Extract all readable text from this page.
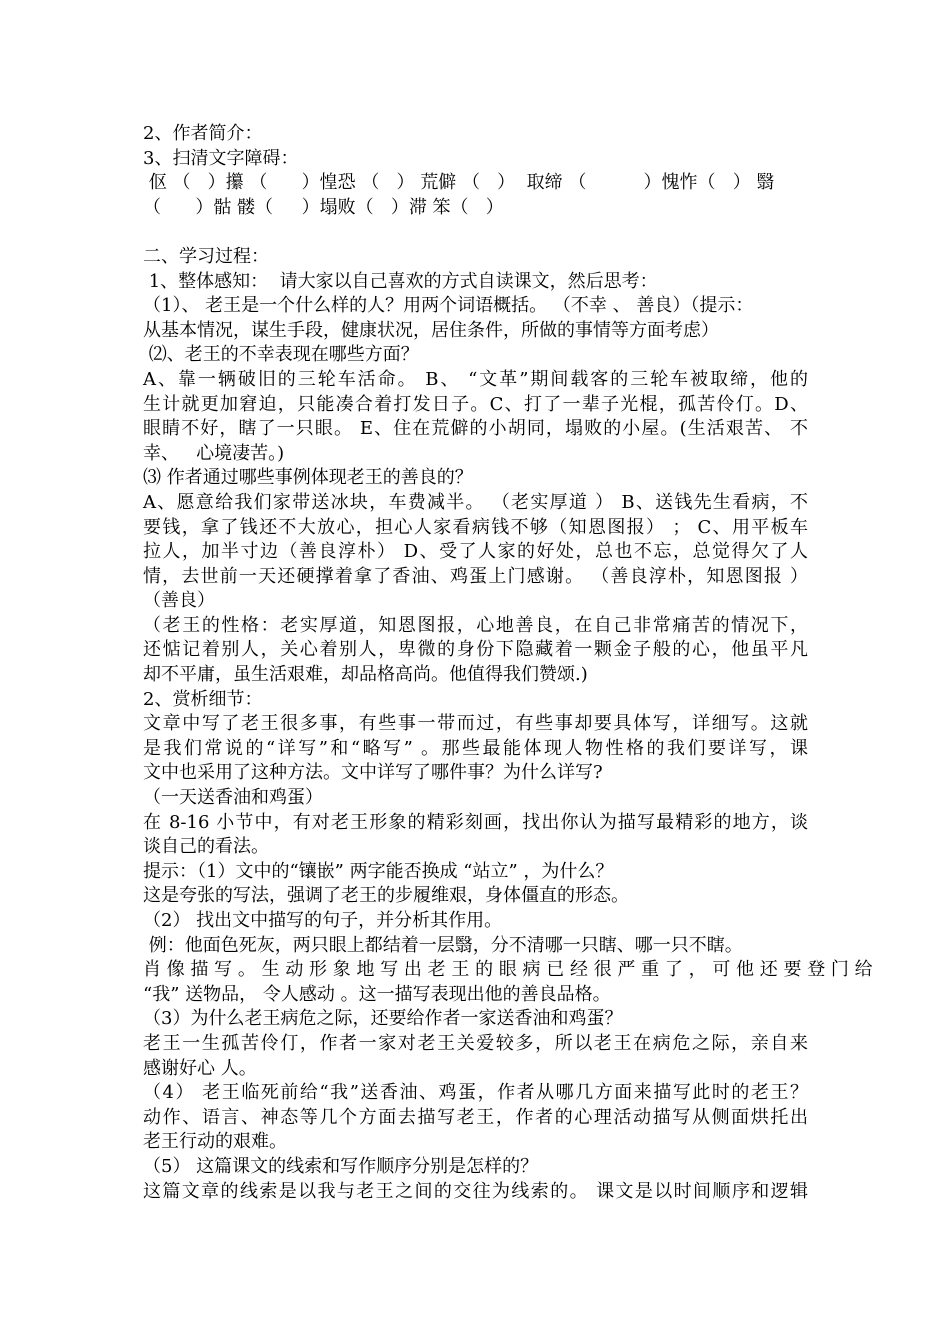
2、作者简介：
3、扫清文字障碍：
伛 （   ）攥 （      ）惶恐 （   ） 荒僻 （   ）  取缔 （          ）愧怍（   ） 翳
（      ）骷 髅（     ）塌败（   ）滞 笨（   ）
二、学习过程：
1、整体感知：  请大家以自己喜欢的方式自读课文，然后思考：
（1）、 老王是一个什么样的人？用两个词语概括。 （不幸 、 善良）（提示：
从基本情况，谋生手段，健康状况，居住条件，所做的事情等方面考虑）
⑵、老王的不幸表现在哪些方面？
A、靠一辆破旧的三轮车活命。 B、 “文革”期间载客的三轮车被取缔，他的
生计就更加窘迫，只能凑合着打发日子。C、打了一辈子光棍，孤苦伶仃。D、
眼睛不好，瞎了一只眼。 E、住在荒僻的小胡同，塌败的小屋。(生活艰苦、 不
幸、   心境凄苦。)
⑶ 作者通过哪些事例体现老王的善良的？
A、愿意给我们家带送冰块，车费减半。 （老实厚道 ） B、送钱先生看病，不
要钱，拿了钱还不大放心，担心人家看病钱不够（知恩图报） ； C、用平板车
拉人，加半寸边（善良淳朴） D、受了人家的好处，总也不忘，总觉得欠了人
情，去世前一天还硬撑着拿了香油、鸡蛋上门感谢。 （善良淳朴，知恩图报 ）
（善良）
（老王的性格：老实厚道，知恩图报，心地善良，在自己非常痛苦的情况下，
还惦记着别人，关心着别人，卑微的身份下隐藏着一颗金子般的心，他虽平凡
却不平庸，虽生活艰难，却品格高尚。他值得我们赞颂.)
2、赏析细节：
文章中写了老王很多事，有些事一带而过，有些事却要具体写，详细写。这就
是我们常说的“详写”和“略写” 。那些最能体现人物性格的我们要详写，课
文中也采用了这种方法。文中详写了哪件事？为什么详写?
（一天送香油和鸡蛋）
在 8-16 小节中，有对老王形象的精彩刻画，找出你认为描写最精彩的地方，谈
谈自己的看法。
提示：（1）文中的“镶嵌” 两字能否换成 “站立” ，为什么？
这是夸张的写法，强调了老王的步履维艰，身体僵直的形态。
（2） 找出文中描写的句子，并分析其作用。
例：他面色死灰，两只眼上都结着一层翳，分不清哪一只瞎、哪一只不瞎。
肖 像 描 写 。 生 动 形 象 地 写 出 老 王 的 眼 病 已 经 很 严 重 了 ， 可 他 还 要 登 门 给
“我” 送物品， 令人感动 。这一描写表现出他的善良品格。
（3）为什么老王病危之际，还要给作者一家送香油和鸡蛋？
老王一生孤苦伶仃，作者一家对老王关爱较多，所以老王在病危之际，亲自来
感谢好心 人。
（4） 老王临死前给“我”送香油、鸡蛋，作者从哪几方面来描写此时的老王？
动作、语言、神态等几个方面去描写老王，作者的心理活动描写从侧面烘托出
老王行动的艰难。
（5） 这篇课文的线索和写作顺序分别是怎样的？
这篇文章的线索是以我与老王之间的交往为线索的。 课文是以时间顺序和逻辑
